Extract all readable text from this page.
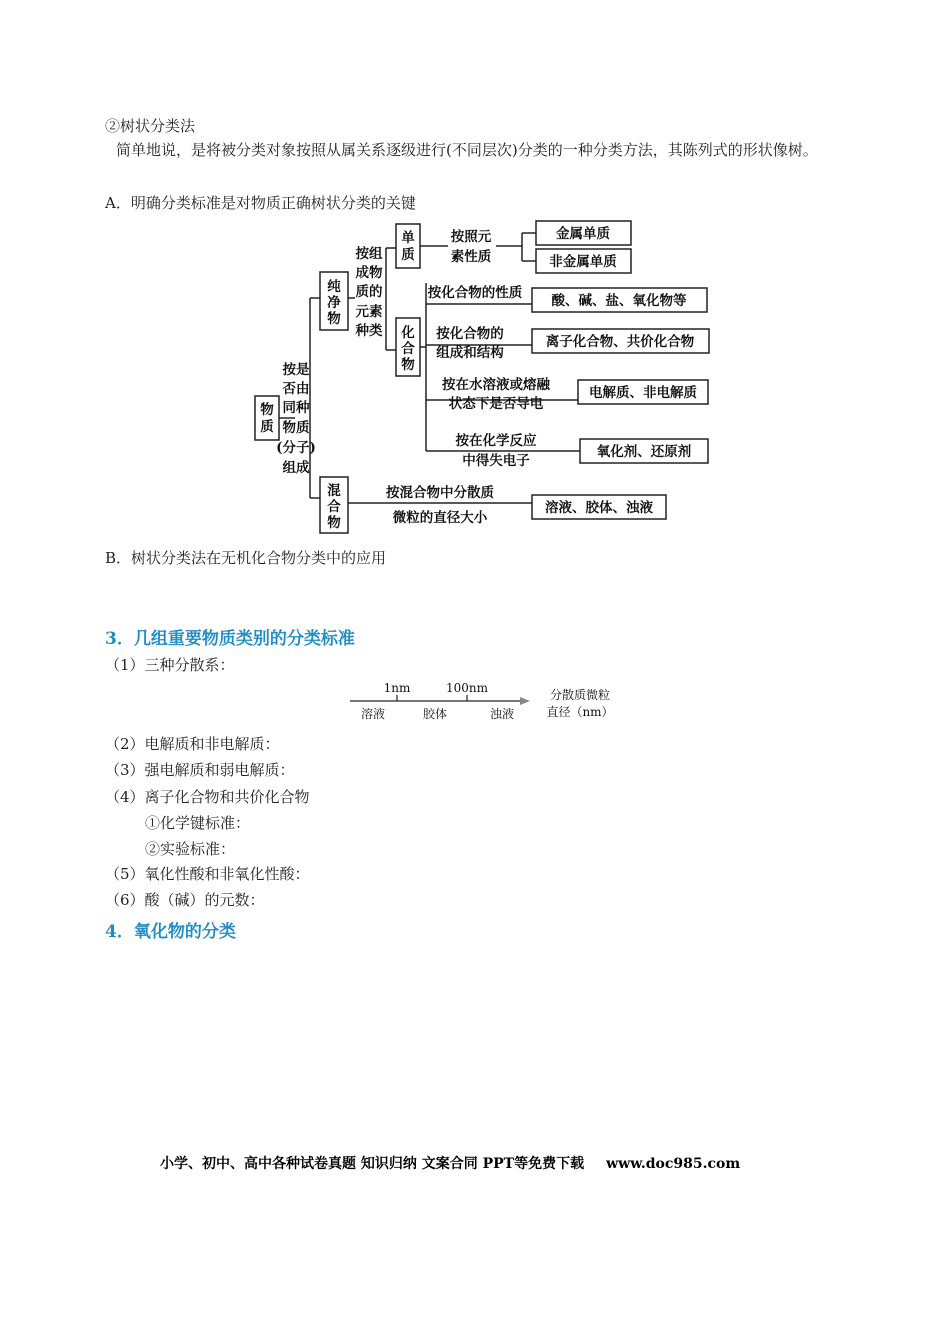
②树状分类法
简单地说，是将被分类对象按照从属关系逐级进行(不同层次)分类的一种分类方法，其陈列式的形状像树。
A．明确分类标准是对物质正确树状分类的关键
物
质
纯
净
物
单
质
化
合
物
混
合
物
按是
否由
同种
物质
(分子)
组成
按组
成物
质的
元素
种类
按照元
素性质
金属单质
非金属单质
按化合物的性质 酸、碱、盐、氧化物等
按化合物的
组成和结构
离子化合物、共价化合物
按在水溶液或熔融
状态下是否导电
电解质、非电解质
按在化学反应
中得失电子
氧化剂、还原剂
按混合物中分散质
微粒的直径大小
溶液、胶体、浊液
B．树状分类法在无机化合物分类中的应用
3．几组重要物质类别的分类标准
（1）三种分散系：
1nm	100nm
溶液	胶体	浊液
分散质微粒
直径（nm）
（2）电解质和非电解质：
（3）强电解质和弱电解质：
（4）离子化合物和共价化合物
①化学键标准：
②实验标准：
（5）氧化性酸和非氧化性酸：
（6）酸（碱）的元数：
4．氧化物的分类
小学、初中、高中各种试卷真题 知识归纳 文案合同 PPT等免费下载 www.doc985.com
